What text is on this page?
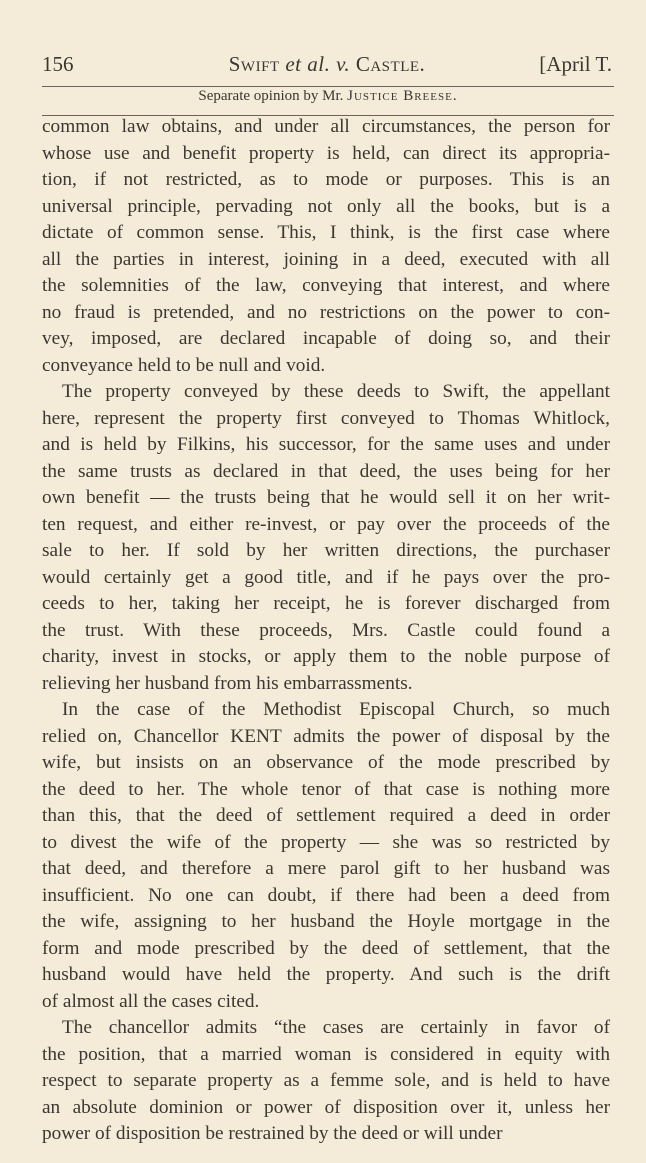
156	Swift et al. v. Castle.	[April T.
Separate opinion by Mr. Justice Breese.
common law obtains, and under all circumstances, the person for
whose use and benefit property is held, can direct its appropria-
tion, if not restricted, as to mode or purposes. This is an
universal principle, pervading not only all the books, but is a
dictate of common sense. This, I think, is the first case where
all the parties in interest, joining in a deed, executed with all
the solemnities of the law, conveying that interest, and where
no fraud is pretended, and no restrictions on the power to con-
vey, imposed, are declared incapable of doing so, and their
conveyance held to be null and void.
The property conveyed by these deeds to Swift, the appellant
here, represent the property first conveyed to Thomas Whitlock,
and is held by Filkins, his successor, for the same uses and under
the same trusts as declared in that deed, the uses being for her
own benefit — the trusts being that he would sell it on her writ-
ten request, and either re-invest, or pay over the proceeds of the
sale to her. If sold by her written directions, the purchaser
would certainly get a good title, and if he pays over the pro-
ceeds to her, taking her receipt, he is forever discharged from
the trust. With these proceeds, Mrs. Castle could found a
charity, invest in stocks, or apply them to the noble purpose of
relieving her husband from his embarrassments.
In the case of the Methodist Episcopal Church, so much
relied on, Chancellor KENT admits the power of disposal by the
wife, but insists on an observance of the mode prescribed by
the deed to her. The whole tenor of that case is nothing more
than this, that the deed of settlement required a deed in order
to divest the wife of the property — she was so restricted by
that deed, and therefore a mere parol gift to her husband was
insufficient. No one can doubt, if there had been a deed from
the wife, assigning to her husband the Hoyle mortgage in the
form and mode prescribed by the deed of settlement, that the
husband would have held the property. And such is the drift
of almost all the cases cited.
The chancellor admits “the cases are certainly in favor of
the position, that a married woman is considered in equity with
respect to separate property as a femme sole, and is held to have
an absolute dominion or power of disposition over it, unless her
power of disposition be restrained by the deed or will under
